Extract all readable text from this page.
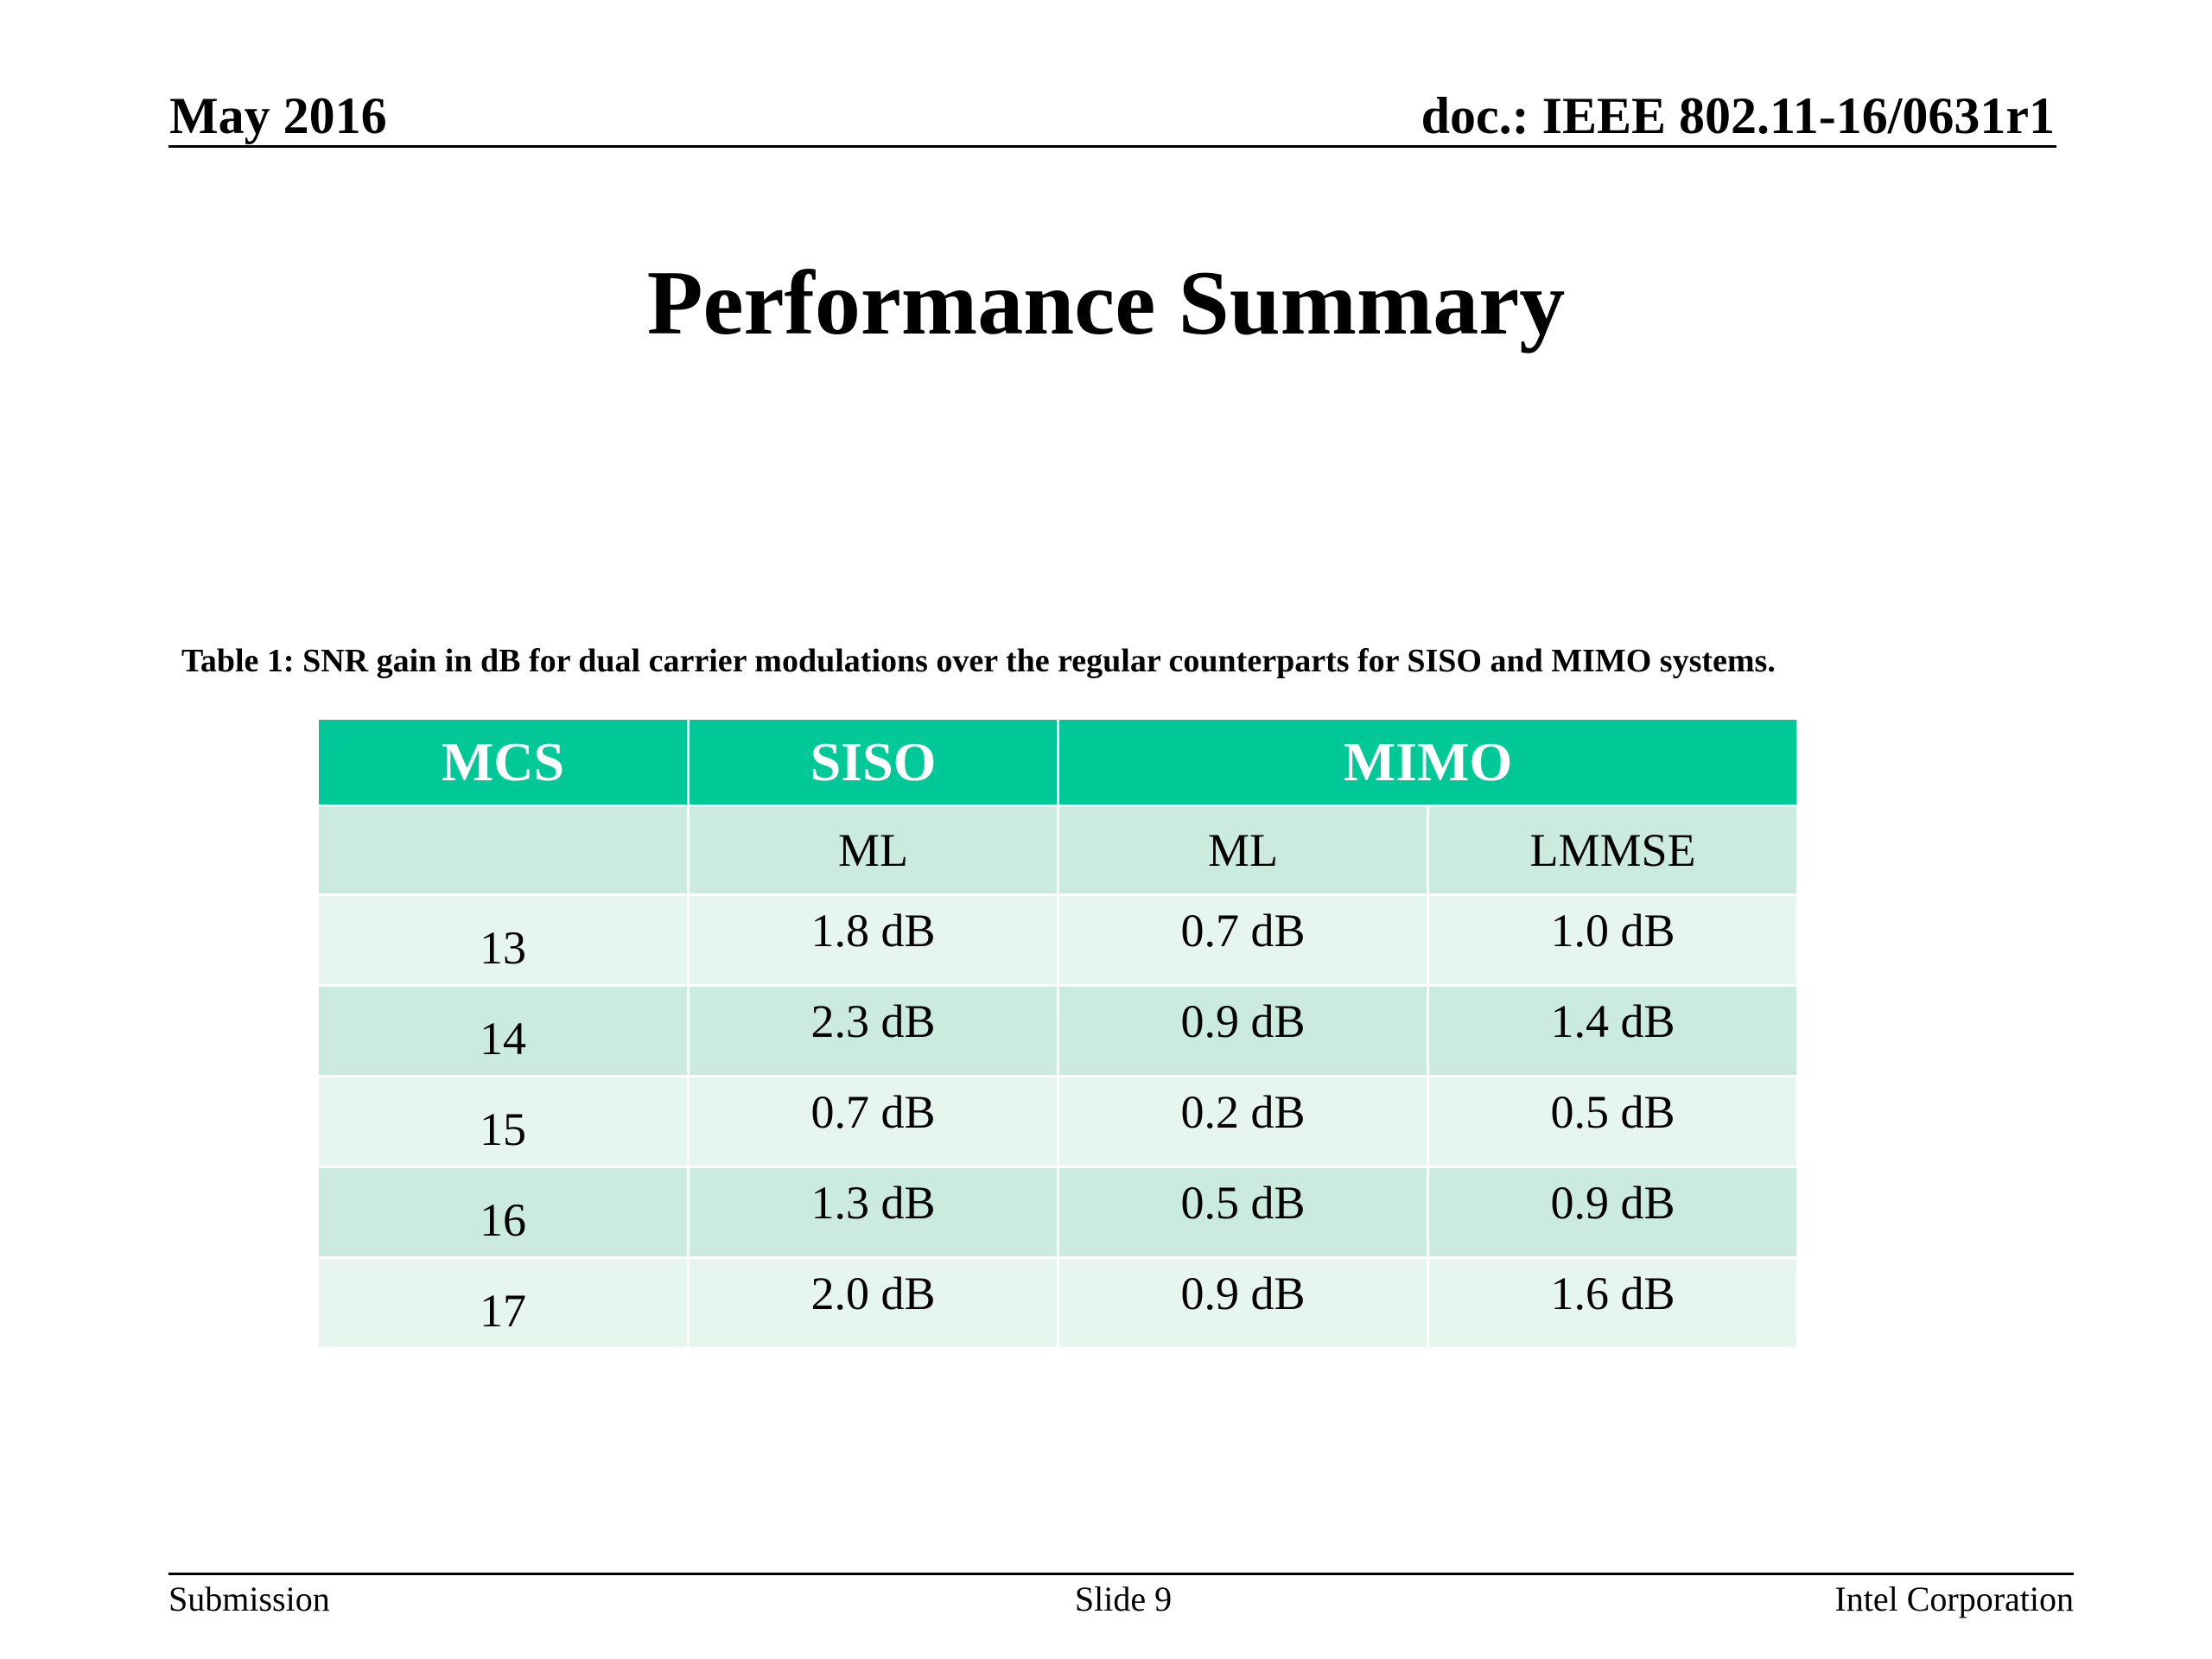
May 2016	doc.: IEEE 802.11-16/0631r1
Performance Summary
Table 1: SNR gain in dB for dual carrier modulations over the regular counterparts for SISO and MIMO systems.
MCS	SISO	MIMO	
	ML	ML	LMMSE
13	1.8 dB	0.7 dB	1.0 dB
14	2.3 dB	0.9 dB	1.4 dB
15	0.7 dB	0.2 dB	0.5 dB
16	1.3 dB	0.5 dB	0.9 dB
17	2.0 dB	0.9 dB	1.6 dB
Submission	Slide 9	Intel Corporation
